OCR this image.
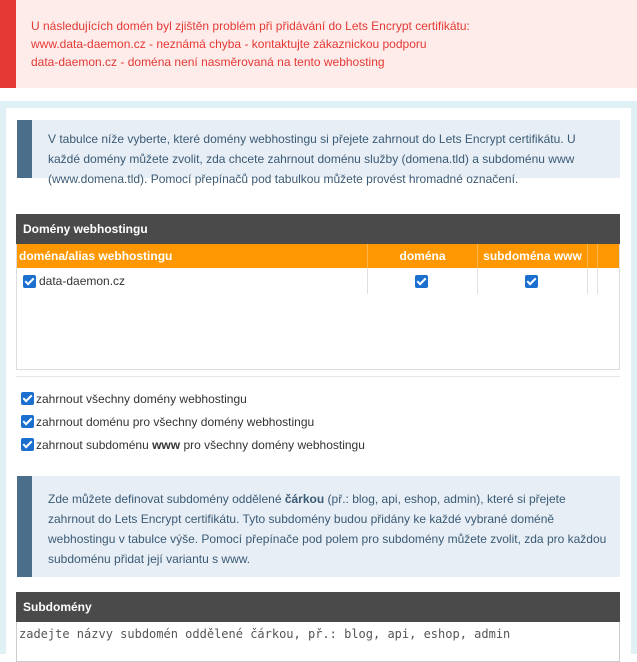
U následujících domén byl zjištěn problém při přidávání do Lets Encrypt certifikátu:
www.data-daemon.cz - neznámá chyba - kontaktujte zákaznickou podporu
data-daemon.cz - doména není nasměrovaná na tento webhosting
V tabulce níže vyberte, které domény webhostingu si přejete zahrnout do Lets Encrypt certifikátu. U každé domény můžete zvolit, zda chcete zahrnout doménu služby (domena.tld) a subdoménu www (www.domena.tld). Pomocí přepínačů pod tabulkou můžete provést hromadné označení.
Domény webhostingu
doména/alias webhostingu	doména	subdoména www
data-daemon.cz
zahrnout všechny domény webhostingu
zahrnout doménu pro všechny domény webhostingu
zahrnout subdoménu www pro všechny domény webhostingu
Zde můžete definovat subdomény oddělené čárkou (př.: blog, api, eshop, admin), které si přejete zahrnout do Lets Encrypt certifikátu. Tyto subdomény budou přidány ke každé vybrané doméně webhostingu v tabulce výše. Pomocí přepínače pod polem pro subdomény můžete zvolit, zda pro každou subdoménu přidat její variantu s www.
Subdomény
zadejte názvy subdomén oddělené čárkou, př.: blog, api, eshop, admin
